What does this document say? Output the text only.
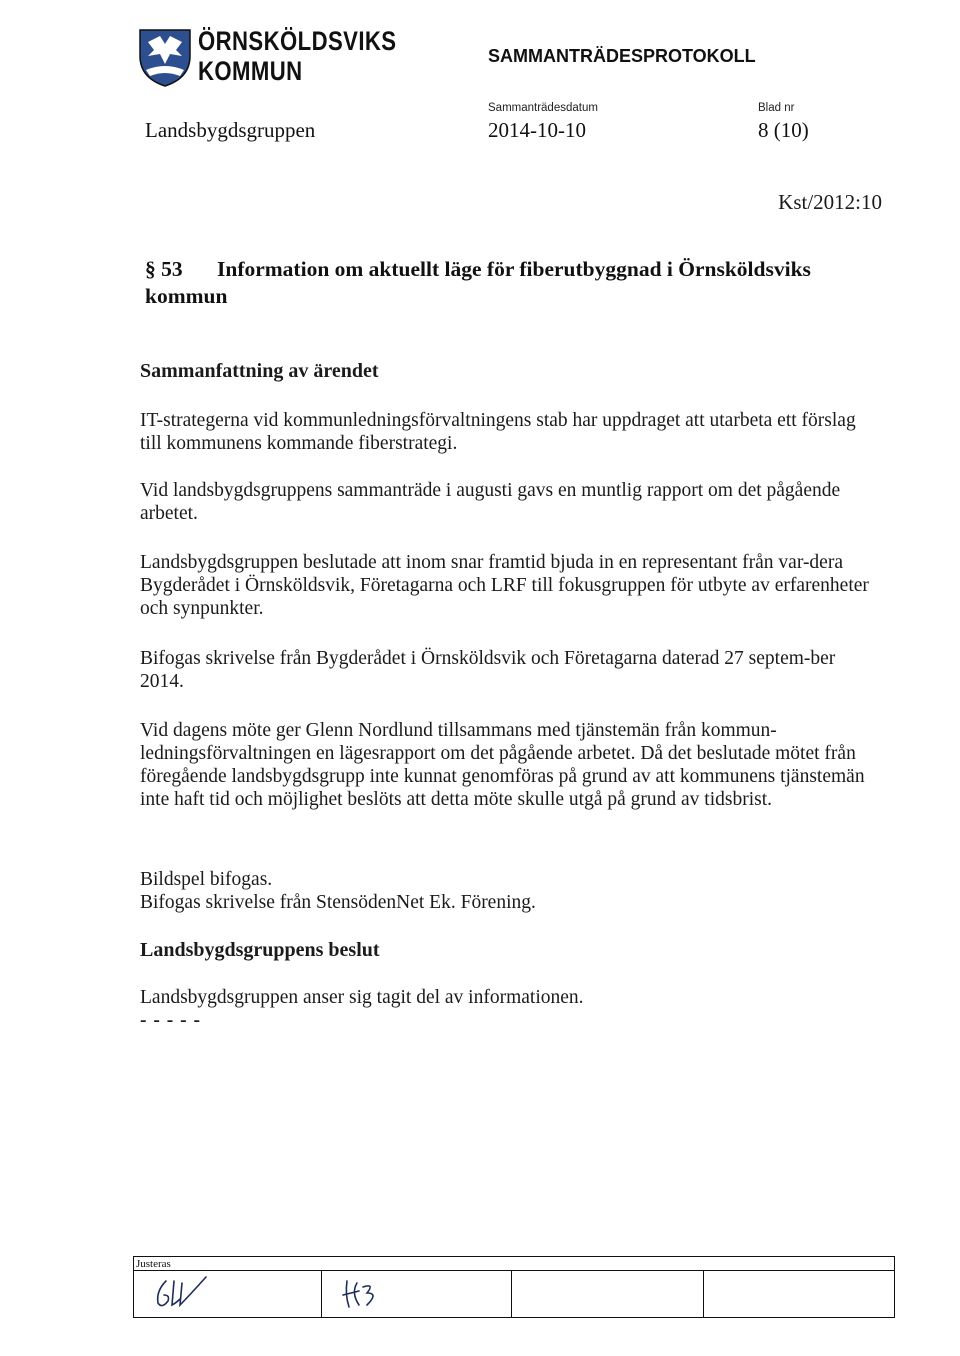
ÖRNSKÖLDSVIKS
KOMMUN	SAMMANTRÄDESPROTOKOLL
Sammanträdesdatum	Blad nr
Landsbygdsgruppen	2014-10-10	8 (10)
Kst/2012:10
§ 53 Information om aktuellt läge för fiberutbyggnad i Örnsköldsviks kommun
Sammanfattning av ärendet

IT-strategerna vid kommunledningsförvaltningens stab har uppdraget att utarbeta ett förslag till kommunens kommande fiberstrategi.

Vid landsbygdsgruppens sammanträde i augusti gavs en muntlig rapport om det pågående arbetet.

Landsbygdsgruppen beslutade att inom snar framtid bjuda in en representant från var-dera Bygderådet i Örnsköldsvik, Företagarna och LRF till fokusgruppen för utbyte av erfarenheter och synpunkter.

Bifogas skrivelse från Bygderådet i Örnsköldsvik och Företagarna daterad 27 septem-ber 2014.

Vid dagens möte ger Glenn Nordlund tillsammans med tjänstemän från kommun-ledningsförvaltningen en lägesrapport om det pågående arbetet. Då det beslutade mötet från föregående landsbygdsgrupp inte kunnat genomföras på grund av att kommunens tjänstemän inte haft tid och möjlighet beslöts att detta möte skulle utgå på grund av tidsbrist.

Bildspel bifogas.

Bifogas skrivelse från StensödenNet Ek. Förening.

Landsbygdsgruppens beslut

Landsbygdsgruppen anser sig tagit del av informationen.

- - - - -

Justeras
